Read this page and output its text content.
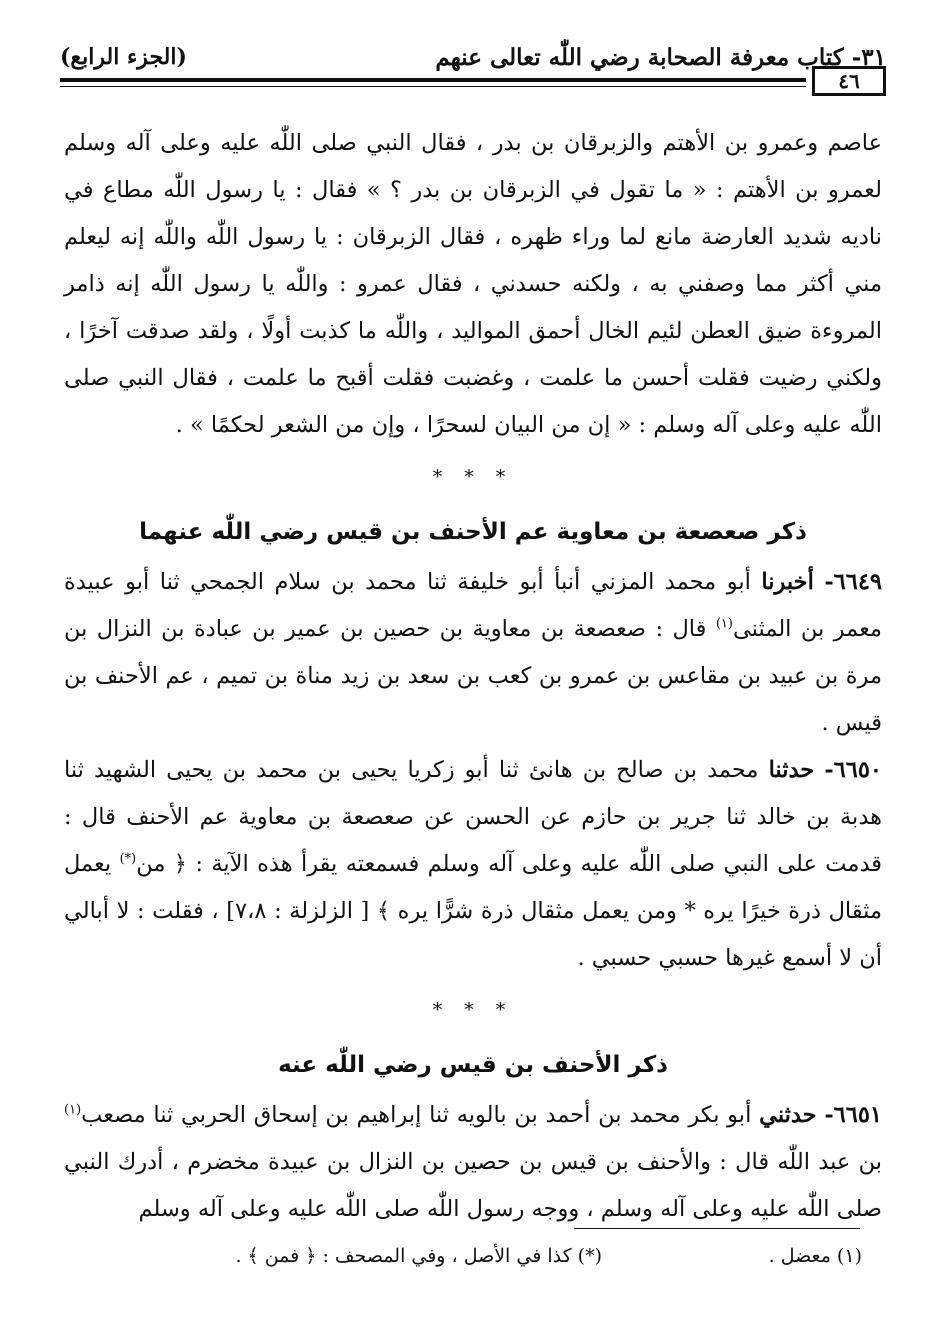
٣١- كتاب معرفة الصحابة رضي اللّٰه تعالى عنهم
(الجزء الرابع)
٤٦

عاصم وعمرو بن الأهتم والزبرقان بن بدر ، فقال النبي صلى اللّٰه عليه وعلى آله وسلم لعمرو بن الأهتم : « ما تقول في الزبرقان بن بدر ؟ » فقال : يا رسول اللّٰه مطاع في ناديه شديد العارضة مانع لما وراء ظهره ، فقال الزبرقان : يا رسول اللّٰه واللّٰه إنه ليعلم مني أكثر مما وصفني به ، ولكنه حسدني ، فقال عمرو : واللّٰه يا رسول اللّٰه إنه ذامر المروءة ضيق العطن لئيم الخال أحمق المواليد ، واللّٰه ما كذبت أولًا ، ولقد صدقت آخرًا ، ولكني رضيت فقلت أحسن ما علمت ، وغضبت فقلت أقبح ما علمت ، فقال النبي صلى اللّٰه عليه وعلى آله وسلم : « إن من البيان لسحرًا ، وإن من الشعر لحكمًا » .

* * *
ذكر صعصعة بن معاوية عم الأحنف بن قيس رضي اللّٰه عنهما

٦٦٤٩- أخبرنا أبو محمد المزني أنبأ أبو خليفة ثنا محمد بن سلام الجمحي ثنا أبو عبيدة معمر بن المثنى$^{(١)}$ قال : صعصعة بن معاوية بن حصين بن عمير بن عبادة بن النزال بن مرة بن عبيد بن مقاعس بن عمرو بن كعب بن سعد بن زيد مناة بن تميم ، عم الأحنف بن قيس .

٦٦٥٠- حدثنا محمد بن صالح بن هانئ ثنا أبو زكريا يحيى بن محمد بن يحيى الشهيد ثنا هدبة بن خالد ثنا جرير بن حازم عن الحسن عن صعصعة بن معاوية عم الأحنف قال : قدمت على النبي صلى اللّٰه عليه وعلى آله وسلم فسمعته يقرأ هذه الآية : ﴿ من(*) يعمل مثقال ذرة خيرًا يره * ومن يعمل مثقال ذرة شرًّا يره ﴾ [ الزلزلة : ٧،٨] ، فقلت : لا أبالي أن لا أسمع غيرها حسبي حسبي .

* * *
ذكر الأحنف بن قيس رضي اللّٰه عنه

٦٦٥١- حدثني أبو بكر محمد بن أحمد بن بالويه ثنا إبراهيم بن إسحاق الحربي ثنا مصعب$^{(١)}$ بن عبد اللّٰه قال : والأحنف بن قيس بن حصين بن النزال بن عبيدة مخضرم ، أدرك النبي صلى اللّٰه عليه وعلى آله وسلم ، ووجه رسول اللّٰه صلى اللّٰه عليه وعلى آله وسلم

(١) معضل .
(*) كذا في الأصل ، وفي المصحف : ﴿ فمن ﴾ .
